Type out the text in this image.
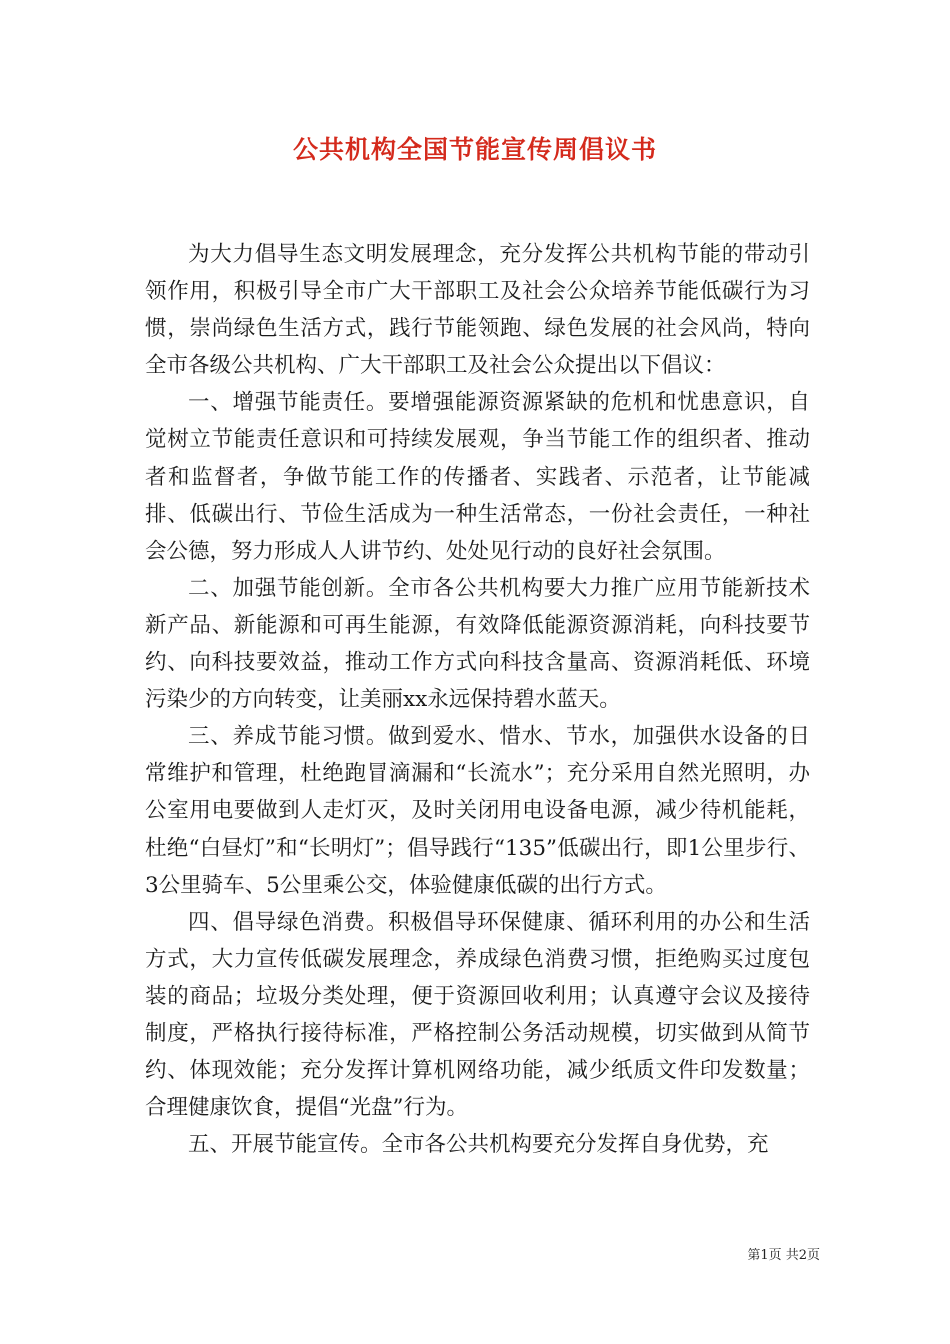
公共机构全国节能宣传周倡议书

为大力倡导生态文明发展理念，充分发挥公共机构节能的带动引领作用，积极引导全市广大干部职工及社会公众培养节能低碳行为习惯，崇尚绿色生活方式，践行节能领跑、绿色发展的社会风尚，特向全市各级公共机构、广大干部职工及社会公众提出以下倡议：

一、增强节能责任。要增强能源资源紧缺的危机和忧患意识，自觉树立节能责任意识和可持续发展观，争当节能工作的组织者、推动者和监督者，争做节能工作的传播者、实践者、示范者，让节能减排、低碳出行、节俭生活成为一种生活常态，一份社会责任，一种社会公德，努力形成人人讲节约、处处见行动的良好社会氛围。

二、加强节能创新。全市各公共机构要大力推广应用节能新技术新产品、新能源和可再生能源，有效降低能源资源消耗，向科技要节约、向科技要效益，推动工作方式向科技含量高、资源消耗低、环境污染少的方向转变，让美丽xx永远保持碧水蓝天。

三、养成节能习惯。做到爱水、惜水、节水，加强供水设备的日常维护和管理，杜绝跑冒滴漏和“长流水”；充分采用自然光照明，办公室用电要做到人走灯灭，及时关闭用电设备电源，减少待机能耗，杜绝“白昼灯”和“长明灯”；倡导践行“135”低碳出行，即1公里步行、3公里骑车、5公里乘公交，体验健康低碳的出行方式。

四、倡导绿色消费。积极倡导环保健康、循环利用的办公和生活方式，大力宣传低碳发展理念，养成绿色消费习惯，拒绝购买过度包装的商品；垃圾分类处理，便于资源回收利用；认真遵守会议及接待制度，严格执行接待标准，严格控制公务活动规模，切实做到从简节约、体现效能；充分发挥计算机网络功能，减少纸质文件印发数量；合理健康饮食，提倡“光盘”行为。

五、开展节能宣传。全市各公共机构要充分发挥自身优势，充

第1页 共2页
